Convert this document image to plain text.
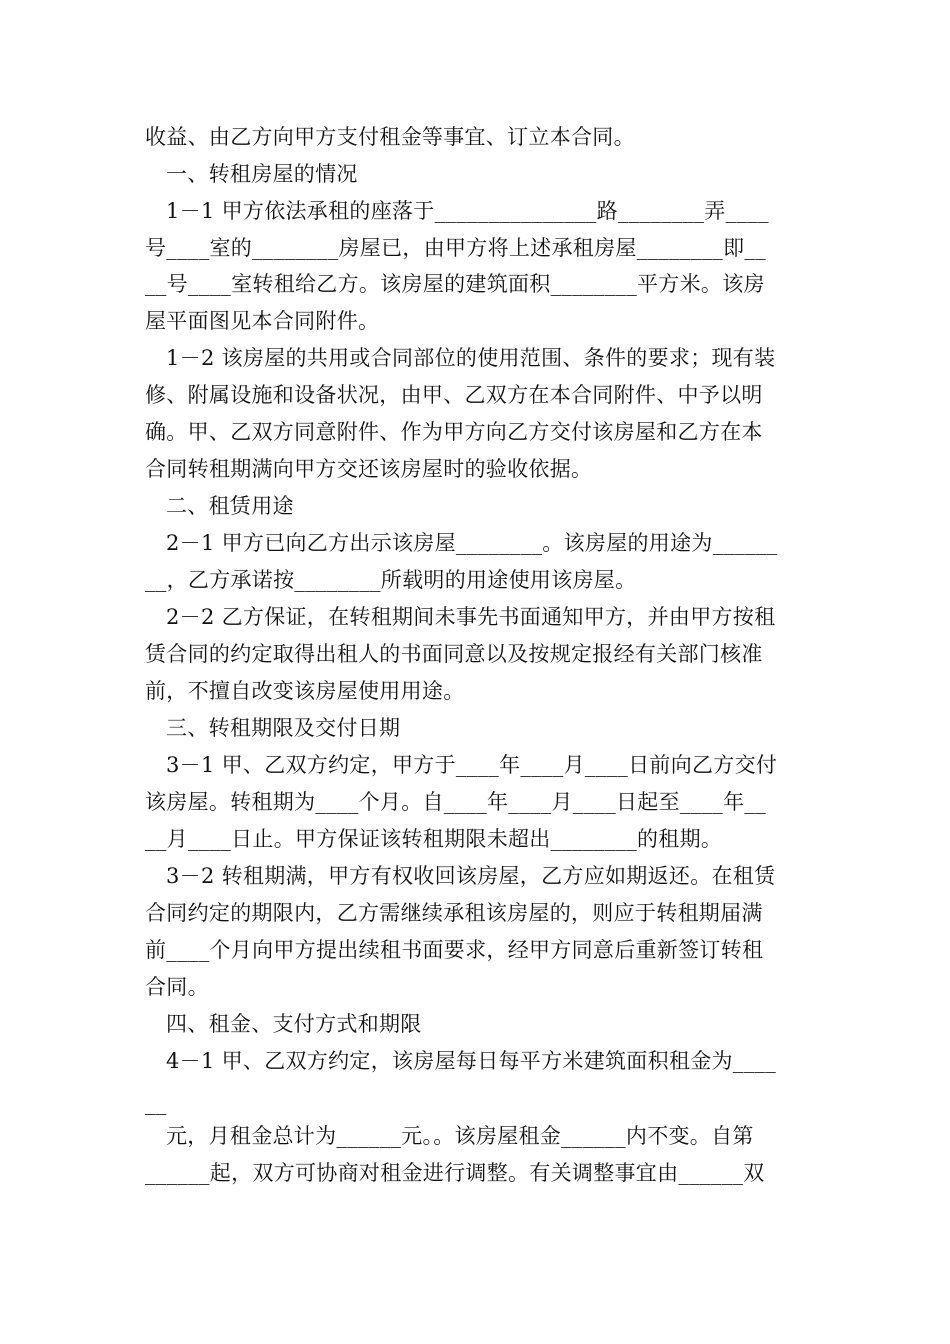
收益、由乙方向甲方支付租金等事宜、订立本合同。
一、转租房屋的情况
1－1 甲方依法承租的座落于_______________路________弄____
号____室的________房屋已，由甲方将上述承租房屋________即__
__号____室转租给乙方。该房屋的建筑面积________平方米。该房
屋平面图见本合同附件。
1－2 该房屋的共用或合同部位的使用范围、条件的要求；现有装
修、附属设施和设备状况，由甲、乙双方在本合同附件、中予以明
确。甲、乙双方同意附件、作为甲方向乙方交付该房屋和乙方在本
合同转租期满向甲方交还该房屋时的验收依据。
二、租赁用途
2－1 甲方已向乙方出示该房屋________。该房屋的用途为______
__，乙方承诺按________所载明的用途使用该房屋。
2－2 乙方保证，在转租期间未事先书面通知甲方，并由甲方按租
赁合同的约定取得出租人的书面同意以及按规定报经有关部门核准
前，不擅自改变该房屋使用用途。
三、转租期限及交付日期
3－1 甲、乙双方约定，甲方于____年____月____日前向乙方交付
该房屋。转租期为____个月。自____年____月____日起至____年__
__月____日止。甲方保证该转租期限未超出________的租期。
3－2 转租期满，甲方有权收回该房屋，乙方应如期返还。在租赁
合同约定的期限内，乙方需继续承租该房屋的，则应于转租期届满
前____个月向甲方提出续租书面要求，经甲方同意后重新签订转租
合同。
四、租金、支付方式和期限
4－1 甲、乙双方约定，该房屋每日每平方米建筑面积租金为____
__
元，月租金总计为______元。。该房屋租金______内不变。自第
______起，双方可协商对租金进行调整。有关调整事宜由______双
